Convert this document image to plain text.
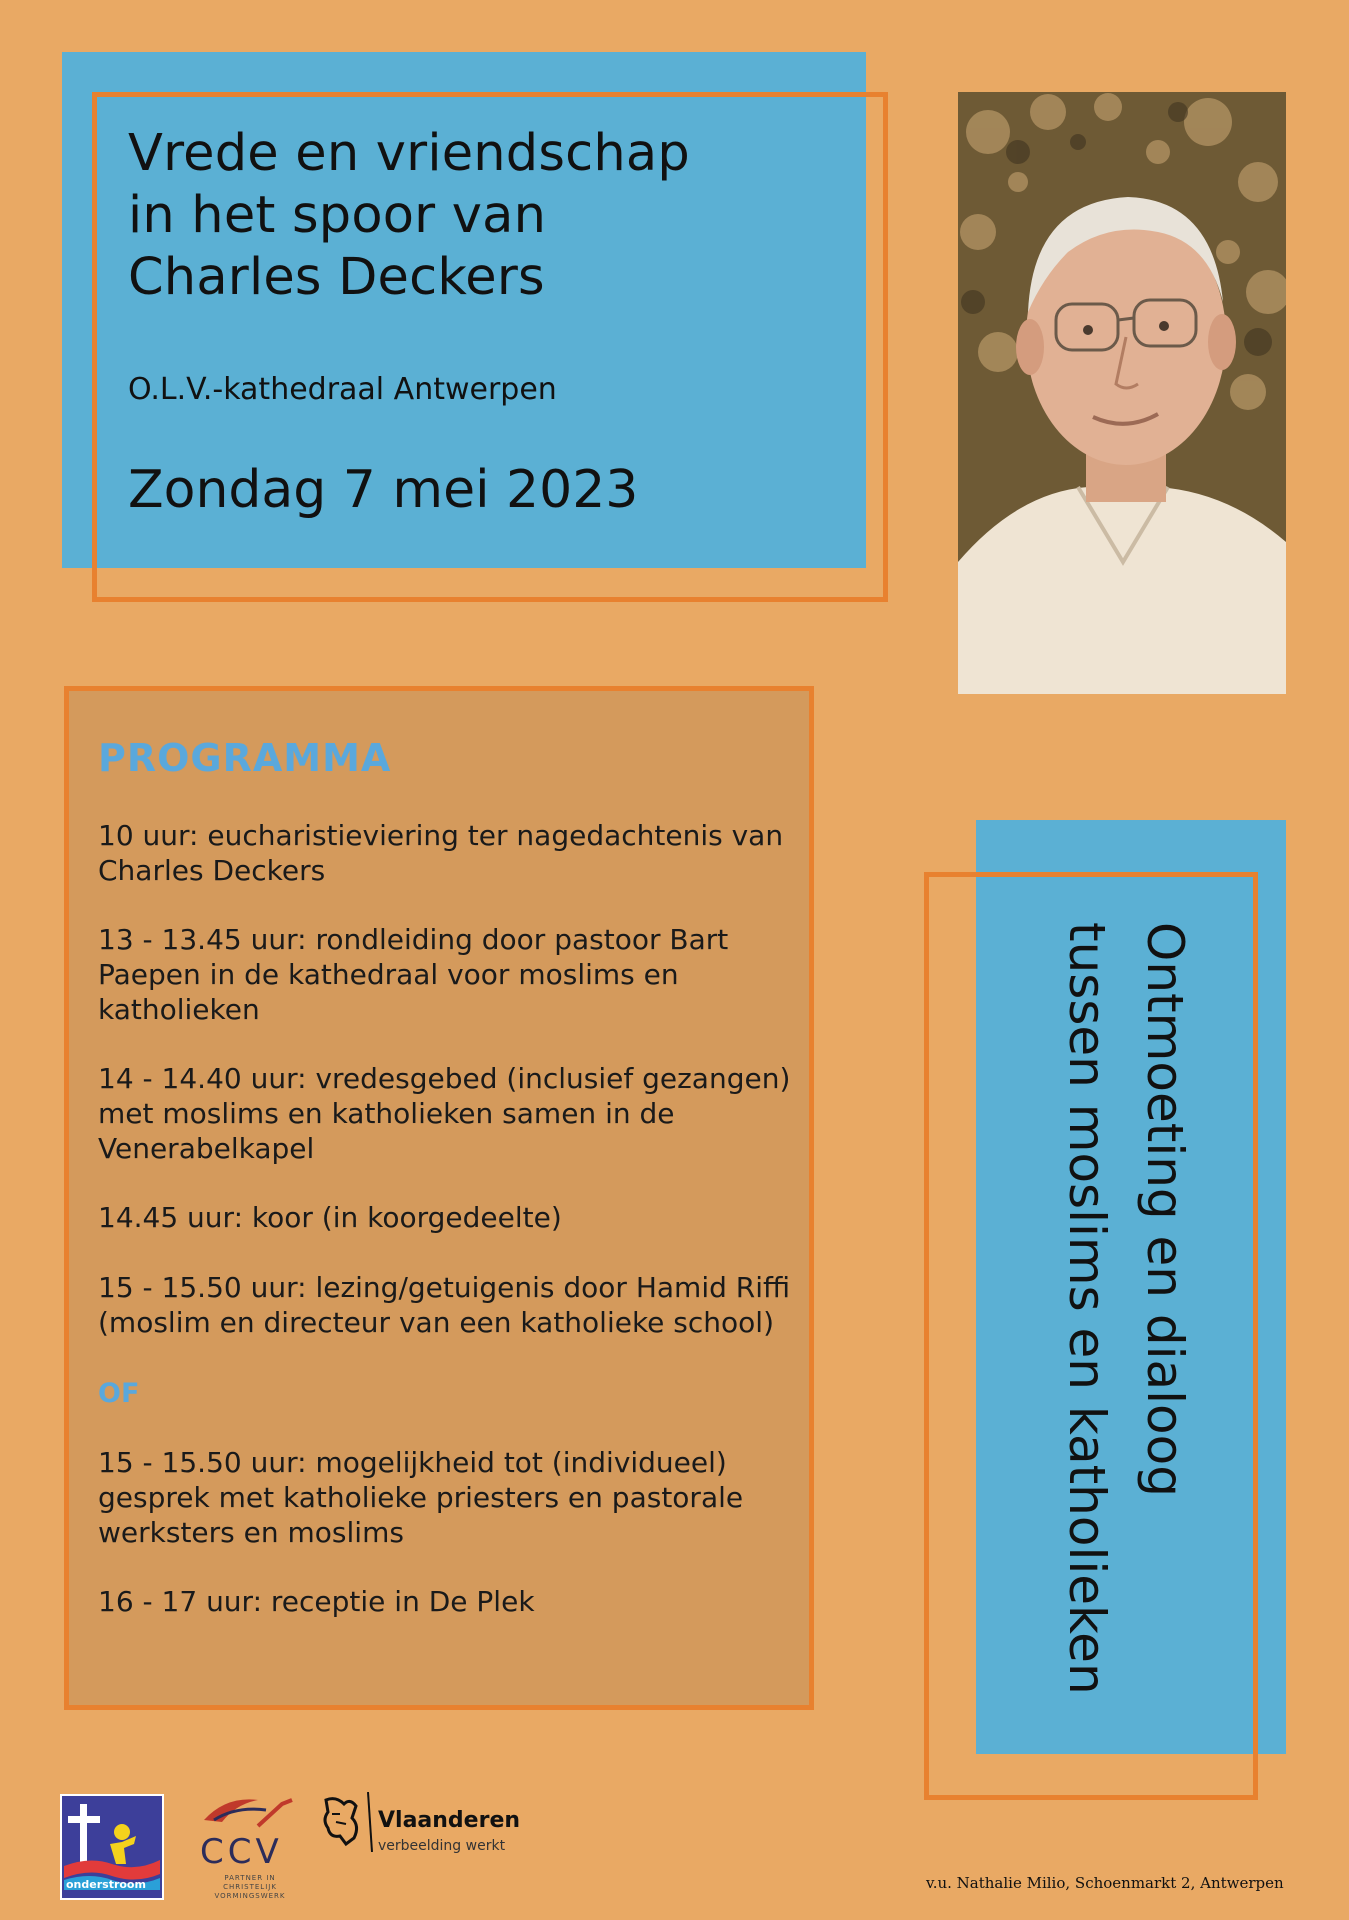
Vrede en vriendschap
in het spoor van
Charles Deckers
O.L.V.-kathedraal Antwerpen
Zondag 7 mei 2023
PROGRAMMA
10 uur: eucharistieviering ter nagedachtenis van Charles Deckers
13 - 13.45 uur: rondleiding door pastoor Bart Paepen in de kathedraal voor moslims en katholieken
14 - 14.40 uur: vredesgebed (inclusief gezangen) met moslims en katholieken samen in de Venerabelkapel
14.45 uur: koor (in koorgedeelte)
15 - 15.50 uur: lezing/getuigenis door Hamid Riffi (moslim en directeur van een katholieke school)
OF
15 - 15.50 uur: mogelijkheid tot (individueel) gesprek met katholieke priesters en pastorale werksters en moslims
16 - 17 uur: receptie in De Plek
Ontmoeting en dialoog
tussen moslims en katholieken
onderstroom
CCV
PARTNER IN CHRISTELIJK VORMINGSWERK
Vlaanderen
verbeelding werkt
v.u. Nathalie Milio, Schoenmarkt 2, Antwerpen
